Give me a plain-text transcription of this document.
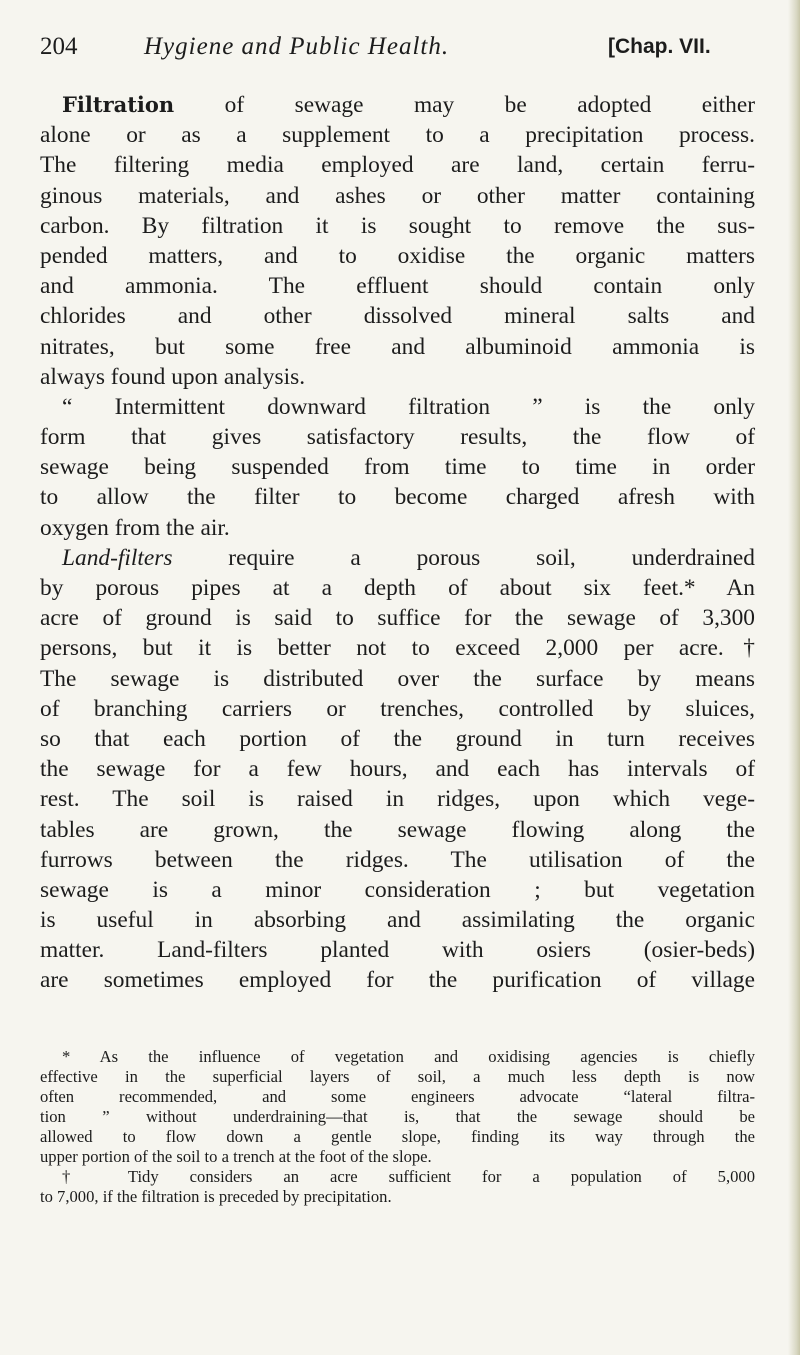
204	Hygiene and Public Health.	[Chap. VII.
Filtration of sewage may be adopted either
alone or as a supplement to a precipitation process.
The filtering media employed are land, certain ferru-
ginous materials, and ashes or other matter containing
carbon. By filtration it is sought to remove the sus-
pended matters, and to oxidise the organic matters
and ammonia. The effluent should contain only
chlorides and other dissolved mineral salts and
nitrates, but some free and albuminoid ammonia is
always found upon analysis.
“ Intermittent downward filtration ” is the only
form that gives satisfactory results, the flow of
sewage being suspended from time to time in order
to allow the filter to become charged afresh with
oxygen from the air.
Land-filters require a porous soil, underdrained
by porous pipes at a depth of about six feet.* An
acre of ground is said to suffice for the sewage of 3,300
persons, but it is better not to exceed 2,000 per acre.†
The sewage is distributed over the surface by means
of branching carriers or trenches, controlled by sluices,
so that each portion of the ground in turn receives
the sewage for a few hours, and each has intervals of
rest. The soil is raised in ridges, upon which vege-
tables are grown, the sewage flowing along the
furrows between the ridges. The utilisation of the
sewage is a minor consideration ; but vegetation
is useful in absorbing and assimilating the organic
matter. Land-filters planted with osiers (osier-beds)
are sometimes employed for the purification of village
* As the influence of vegetation and oxidising agencies is chiefly
effective in the superficial layers of soil, a much less depth is now
often recommended, and some engineers advocate “lateral filtra-
tion ” without underdraining—that is, that the sewage should be
allowed to flow down a gentle slope, finding its way through the
upper portion of the soil to a trench at the foot of the slope.
† Tidy considers an acre sufficient for a population of 5,000
to 7,000, if the filtration is preceded by precipitation.
